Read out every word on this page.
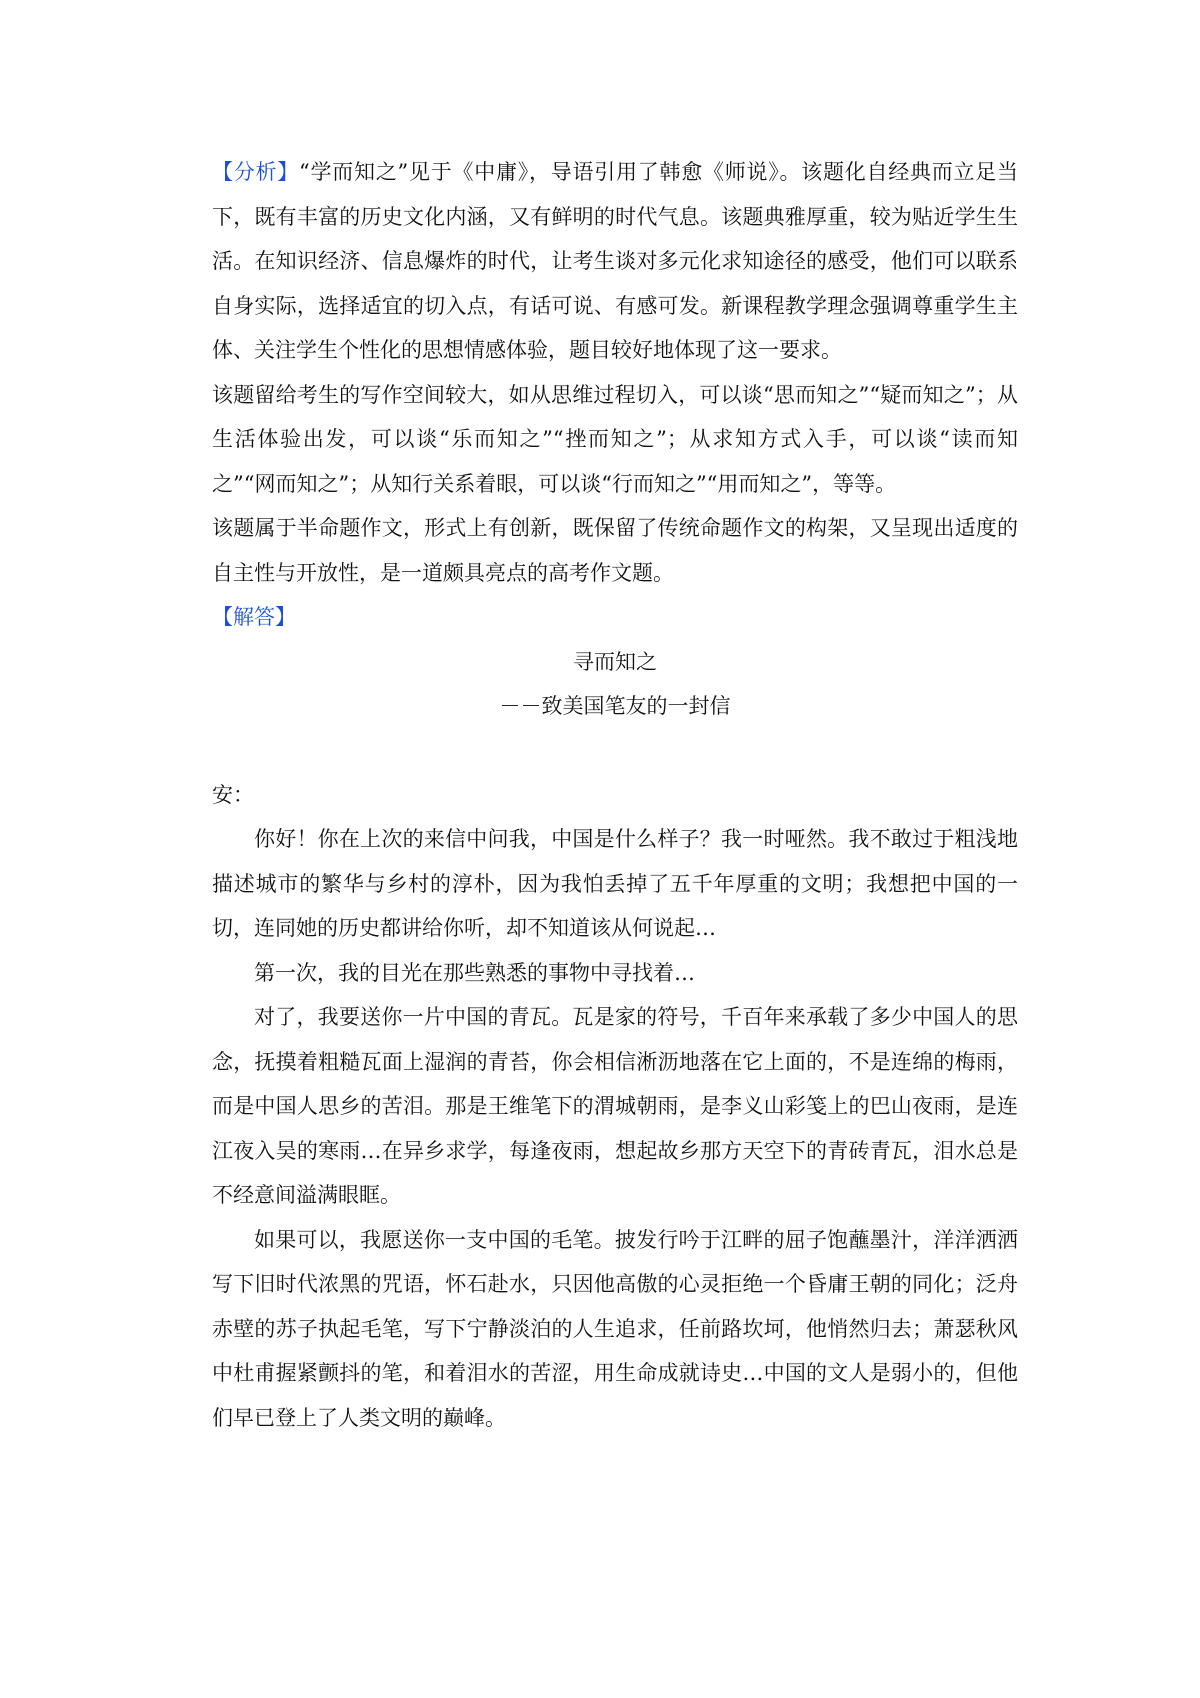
【分析】“学而知之”见于《中庸》，导语引用了韩愈《师说》。该题化自经典而立足当下，既有丰富的历史文化内涵，又有鲜明的时代气息。该题典雅厚重，较为贴近学生生活。在知识经济、信息爆炸的时代，让考生谈对多元化求知途径的感受，他们可以联系自身实际，选择适宜的切入点，有话可说、有感可发。新课程教学理念强调尊重学生主体、关注学生个性化的思想情感体验，题目较好地体现了这一要求。

该题留给考生的写作空间较大，如从思维过程切入，可以谈“思而知之”“疑而知之”；从生活体验出发，可以谈“乐而知之”“挫而知之”；从求知方式入手，可以谈“读而知之”“网而知之”；从知行关系着眼，可以谈“行而知之”“用而知之”，等等。

该题属于半命题作文，形式上有创新，既保留了传统命题作文的构架，又呈现出适度的自主性与开放性，是一道颇具亮点的高考作文题。

【解答】

寻而知之

－－致美国笔友的一封信

安：

你好！你在上次的来信中问我，中国是什么样子？我一时哑然。我不敢过于粗浅地描述城市的繁华与乡村的淳朴，因为我怕丢掉了五千年厚重的文明；我想把中国的一切，连同她的历史都讲给你听，却不知道该从何说起…

第一次，我的目光在那些熟悉的事物中寻找着…

对了，我要送你一片中国的青瓦。瓦是家的符号，千百年来承载了多少中国人的思念，抚摸着粗糙瓦面上湿润的青苔，你会相信淅沥地落在它上面的，不是连绵的梅雨，而是中国人思乡的苦泪。那是王维笔下的渭城朝雨，是李义山彩笺上的巴山夜雨，是连江夜入吴的寒雨…在异乡求学，每逢夜雨，想起故乡那方天空下的青砖青瓦，泪水总是不经意间溢满眼眶。

如果可以，我愿送你一支中国的毛笔。披发行吟于江畔的屈子饱蘸墨汁，洋洋洒洒写下旧时代浓黑的咒语，怀石赴水，只因他高傲的心灵拒绝一个昏庸王朝的同化；泛舟赤壁的苏子执起毛笔，写下宁静淡泊的人生追求，任前路坎坷，他悄然归去；萧瑟秋风中杜甫握紧颤抖的笔，和着泪水的苦涩，用生命成就诗史…中国的文人是弱小的，但他们早已登上了人类文明的巅峰。
